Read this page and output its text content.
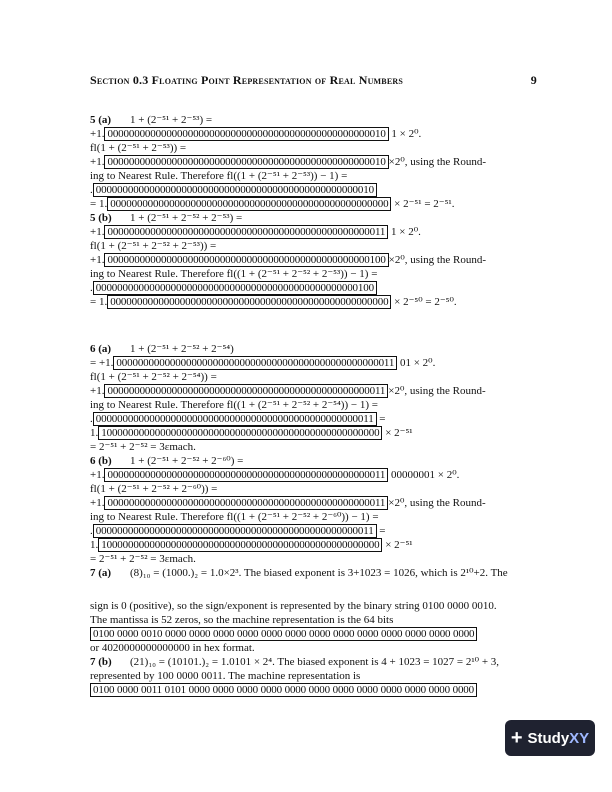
Section 0.3 Floating Point Representation of Real Numbers	9
5 (a) 1 + (2⁻⁵¹ + 2⁻⁵³) =
+1. 0000000000000000000000000000000000000000000000000010 1 × 2⁰.
fl(1 + (2⁻⁵¹ + 2⁻⁵³)) =
+1. 0000000000000000000000000000000000000000000000000010 ×2⁰, using the Round-
ing to Nearest Rule. Therefore fl((1 + (2⁻⁵¹ + 2⁻⁵³)) − 1) =
. 0000000000000000000000000000000000000000000000000010
= 1. 0000000000000000000000000000000000000000000000000000 × 2⁻⁵¹ = 2⁻⁵¹.
5 (b) 1 + (2⁻⁵¹ + 2⁻⁵² + 2⁻⁵³) =
+1. 0000000000000000000000000000000000000000000000000011 1 × 2⁰.
fl(1 + (2⁻⁵¹ + 2⁻⁵² + 2⁻⁵³)) =
+1. 0000000000000000000000000000000000000000000000000100 ×2⁰, using the Round-
ing to Nearest Rule. Therefore fl((1 + (2⁻⁵¹ + 2⁻⁵² + 2⁻⁵³)) − 1) =
. 0000000000000000000000000000000000000000000000000100
= 1. 0000000000000000000000000000000000000000000000000000 × 2⁻⁵⁰ = 2⁻⁵⁰.
6 (a) 1 + (2⁻⁵¹ + 2⁻⁵² + 2⁻⁵⁴)
= +1. 0000000000000000000000000000000000000000000000000011 01 × 2⁰.
fl(1 + (2⁻⁵¹ + 2⁻⁵² + 2⁻⁵⁴)) =
+1. 0000000000000000000000000000000000000000000000000011 ×2⁰, using the Round-
ing to Nearest Rule. Therefore fl((1 + (2⁻⁵¹ + 2⁻⁵² + 2⁻⁵⁴)) − 1) =
. 0000000000000000000000000000000000000000000000000011 =
1. 1000000000000000000000000000000000000000000000000000 × 2⁻⁵¹
= 2⁻⁵¹ + 2⁻⁵² = 3εmach.
6 (b) 1 + (2⁻⁵¹ + 2⁻⁵² + 2⁻⁶⁰) =
+1. 0000000000000000000000000000000000000000000000000011 00000001 × 2⁰.
fl(1 + (2⁻⁵¹ + 2⁻⁵² + 2⁻⁶⁰)) =
+1. 0000000000000000000000000000000000000000000000000011 ×2⁰, using the Round-
ing to Nearest Rule. Therefore fl((1 + (2⁻⁵¹ + 2⁻⁵² + 2⁻⁶⁰)) − 1) =
. 0000000000000000000000000000000000000000000000000011 =
1. 1000000000000000000000000000000000000000000000000000 × 2⁻⁵¹
= 2⁻⁵¹ + 2⁻⁵² = 3εmach.
7 (a) (8)₁₀ = (1000.)₂ = 1.0×2³. The biased exponent is 3+1023 = 1026, which is 2¹⁰+2. The
sign is 0 (positive), so the sign/exponent is represented by the binary string 0100 0000 0010.
The mantissa is 52 zeros, so the machine representation is the 64 bits
0100 0000 0010 0000 0000 0000 0000 0000 0000 0000 0000 0000 0000 0000 0000 0000
or 4020000000000000 in hex format.
7 (b) (21)₁₀ = (10101.)₂ = 1.0101 × 2⁴. The biased exponent is 4 + 1023 = 1027 = 2¹⁰ + 3,
represented by 100 0000 0011. The machine representation is
0100 0000 0011 0101 0000 0000 0000 0000 0000 0000 0000 0000 0000 0000 0000 0000
+ Study XY
